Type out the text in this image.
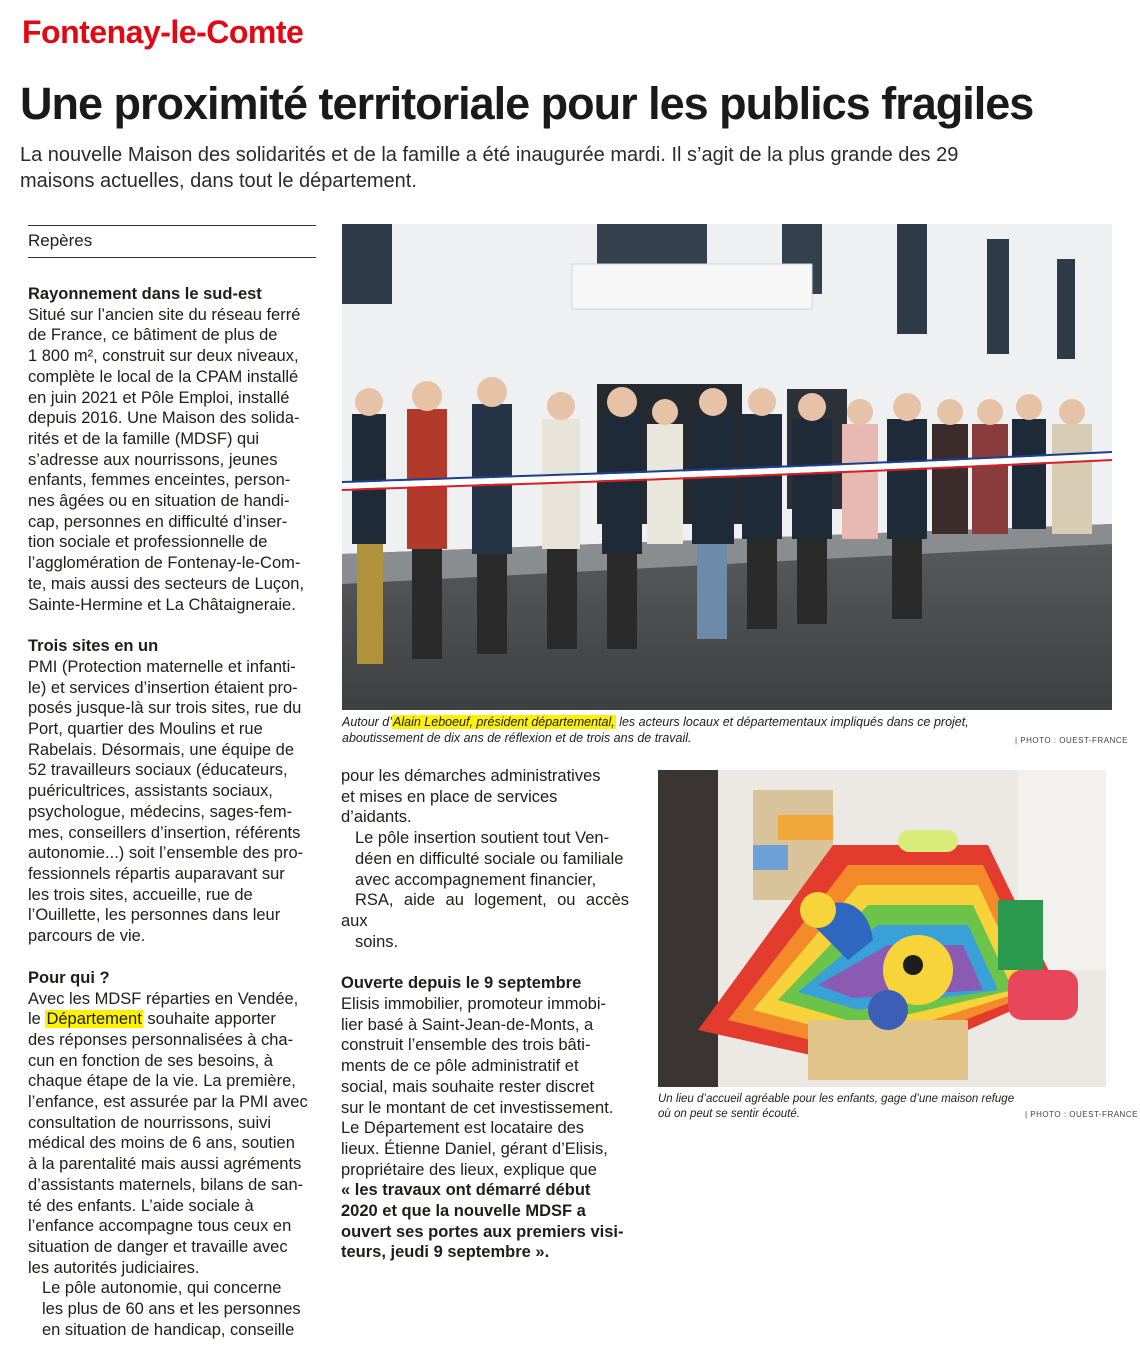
Fontenay-le-Comte
Une proximité territoriale pour les publics fragiles
La nouvelle Maison des solidarités et de la famille a été inaugurée mardi. Il s’agit de la plus grande des 29 maisons actuelles, dans tout le département.
Repères
Rayonnement dans le sud-est
Situé sur l’ancien site du réseau ferré
de France, ce bâtiment de plus de
1 800 m², construit sur deux niveaux,
complète le local de la CPAM installé
en juin 2021 et Pôle Emploi, installé
depuis 2016. Une Maison des solida-
rités et de la famille (MDSF) qui
s’adresse aux nourrissons, jeunes
enfants, femmes enceintes, person-
nes âgées ou en situation de handi-
cap, personnes en difficulté d’inser-
tion sociale et professionnelle de
l’agglomération de Fontenay-le-Com-
te, mais aussi des secteurs de Luçon,
Sainte-Hermine et La Châtaigneraie.
Trois sites en un
PMI (Protection maternelle et infanti-
le) et services d’insertion étaient pro-
posés jusque-là sur trois sites, rue du
Port, quartier des Moulins et rue
Rabelais. Désormais, une équipe de
52 travailleurs sociaux (éducateurs,
puéricultrices, assistants sociaux,
psychologue, médecins, sages-fem-
mes, conseillers d’insertion, référents
autonomie...) soit l’ensemble des pro-
fessionnels répartis auparavant sur
les trois sites, accueille, rue de
l’Ouillette, les personnes dans leur
parcours de vie.
Pour qui ?
Avec les MDSF réparties en Vendée,
le Département souhaite apporter
des réponses personnalisées à cha-
cun en fonction de ses besoins, à
chaque étape de la vie. La première,
l’enfance, est assurée par la PMI avec
consultation de nourrissons, suivi
médical des moins de 6 ans, soutien
à la parentalité mais aussi agréments
d’assistants maternels, bilans de san-
té des enfants. L’aide sociale à
l’enfance accompagne tous ceux en
situation de danger et travaille avec
les autorités judiciaires.
Le pôle autonomie, qui concerne
les plus de 60 ans et les personnes
en situation de handicap, conseille
pour les démarches administratives
et mises en place de services
d’aidants.
Le pôle insertion soutient tout Ven-
déen en difficulté sociale ou familiale
avec accompagnement financier,
RSA, aide au logement, ou accès aux
soins.
Ouverte depuis le 9 septembre
Elisis immobilier, promoteur immobi-
lier basé à Saint-Jean-de-Monts, a
construit l’ensemble des trois bâti-
ments de ce pôle administratif et
social, mais souhaite rester discret
sur le montant de cet investissement.
Le Département est locataire des
lieux. Étienne Daniel, gérant d’Elisis,
propriétaire des lieux, explique que
« les travaux ont démarré début
2020 et que la nouvelle MDSF a
ouvert ses portes aux premiers visi-
teurs, jeudi 9 septembre ».
Autour d’Alain Leboeuf, président départemental, les acteurs locaux et départementaux impliqués dans ce projet,
aboutissement de dix ans de réflexion et de trois ans de travail.	| PHOTO : OUEST-FRANCE
Un lieu d’accueil agréable pour les enfants, gage d’une maison refuge
où on peut se sentir écouté.	| PHOTO : OUEST-FRANCE
